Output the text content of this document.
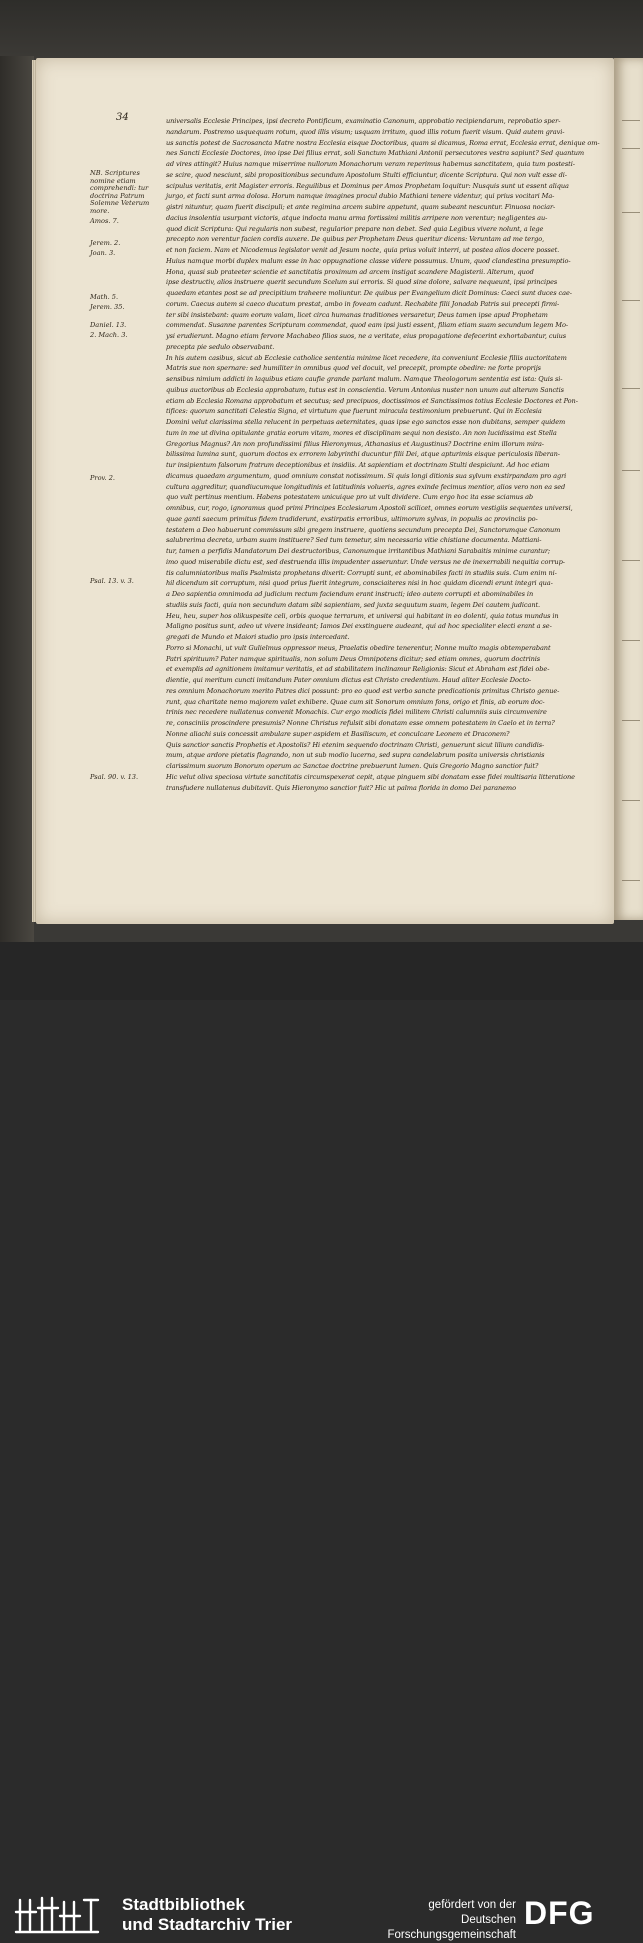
34
NB. Scriptures nomine etiam comprehendi: tur doctrina Patrum Solemne Veterum more.
Amos. 7.
Jerem. 2.
Joan. 3.
Math. 5.
Jerem. 35.
Daniel. 13.
2. Mach. 3.
Prov. 2.
Psal. 13. v. 3.
Psal. 90. v. 13.

universalis Ecclesie Principes, ipsi decreto Pontificum, examinatio Canonum, approbatio recipiendarum, reprobatio sper-

nandarum. Postremo usquequam rotum, quod illis visum; usquam irritum, quod illis rotum fuerit visum. Quid autem gravi-

us sanctis potest de Sacrosancta Matre nostra Ecclesia eisque Doctoribus, quam si dicamus, Roma errat, Ecclesia errat, denique om-

nes Sancti Ecclesie Doctores, imo ipse Dei filius errat, soli Sanctum Mathiani Antonii persecutores vestra sapiunt? Sed quantum

ad vires attingit? Huius namque miserrime nullorum Monachorum veram reperimus habemus sanctitatem, quia tum postesti-

se scire, quod nesciunt, sibi propositionibus secundum Apostolum Stulti efficiuntur, dicente Scriptura. Qui non vult esse di-

scipulus veritatis, erit Magister erroris. Reguilibus et Dominus per Amos Prophetam loquitur: Nusquis sunt ut essent aliqua

jurgo, et facti sunt arma dolosa. Horum namque imagines procul dubio Mathiani tenere videntur, qui prius vocitari Ma-

gistri nituntur, quam fuerit discipuli; et ante regimina arcem subire appetunt, quam subeant nescuntur. Finuosa nociar-

dacius insolentia usurpant victoris, atque indocta manu arma fortissimi militis arripere non verentur; negligentes au-

quod dicit Scriptura: Qui regularis non subest, regularior prepare non debet. Sed quia Legibus vivere nolunt, a lege

precepto non verentur facien cordis auxere. De quibus per Prophetam Deus queritur dicens: Veruntam ad me tergo,

et non faciem. Nam et Nicodemus legislator venit ad Jesum nocte, quia prius voluit interri, ut postea alios docere posset.

Huius namque morbi duplex malum esse in hac oppugnatione classe videre possumus. Unum, quod clandestina presumptio-

Hona, quasi sub prateeter scientie et sanctitatis proximum ad arcem instigat scandere Magisterii. Alterum, quod

ipse destructiv, alios instruere querit secundum Scelum sui erroris. Si quod sine dolore, salvare nequeunt, ipsi principes

quaedam etantes post se ad precipitium traheere moliuntur. De quibus per Evangelium dicit Dominus: Caeci sunt duces cae-

corum. Caecus autem si caeco ducatum prestat, ambo in foveam cadunt. Rechabite filii Jonadab Patris sui precepti firmi-

ter sibi insistebant: quam eorum valam, licet circa humanas traditiones versaretur, Deus tamen ipse apud Prophetam

commendat. Susanne parentes Scripturam commendat, quod eam ipsi justi essent, filiam etiam suam secundum legem Mo-

ysi erudierunt. Magno etiam fervore Machabeo filios suos, ne a veritate, eius propagatione defecerint exhortabantur, cuius

precepta pie sedulo observabant.

In his autem casibus, sicut ab Ecclesie catholice sententia minime licet recedere, ita conveniunt Ecclesie filiis auctoritatem

Matris sue non spernare: sed humiliter in omnibus quod vel docuit, vel precepit, prompte obedire: ne forte proprijs

sensibus nimium addicti in laquibus etiam caufie grande parlant malum. Namque Theologorum sententia est ista: Quis si-

quibus auctoribus ab Ecclesia approbatum, tutus est in conscientia. Verum Antonius nuster non unum aut alterum Sanctis

etiam ab Ecclesia Romana approbatum et secutus; sed precipuos, doctissimos et Sanctissimos totius Ecclesie Doctores et Pon-

tifices: quorum sanctitati Celestia Signa, et virtutum que fuerunt miracula testimonium prebuerunt. Qui in Ecclesia

Domini velut clarissima stella relucent in perpetuas aeternitates, quas ipse ego sanctos esse non dubitans, semper quidem

tum in me ut divina opitulante gratia eorum vitam, mores et disciplinam sequi non desisto. An non lucidissima est Stella

Gregorius Magnus? An non profundissimi filius Hieronymus, Athanasius et Augustinus? Doctrine enim illorum mira-

bilissima lumina sunt, quorum doctos ex errorem labyrinthi ducuntur filii Dei, atque apturimis eisque periculosis liberan-

tur insipientum falsorum fratrum deceptionibus et insidiis. At sapientiam et doctrinam Stulti despiciunt. Ad hoc etiam

dicamus quaedam argumentum, quod omnium constat notissimum. Si quis longi ditionis sua sylvum exstirpandam pro agri

cultura aggreditur, quandiucumque longitudinis et latitudinis volueris, agres exinde fecimus mentior, alios vero non ea sed

quo vult pertinus mentium. Habens potestatem unicuique pro ut vult dividere. Cum ergo hoc ita esse sciamus ab

omnibus, cur, rogo, ignoramus quod primi Principes Ecclesiarum Apostoli scilicet, omnes eorum vestigiis sequentes universi,

quae ganti saecum primitus fidem tradiderunt, exstirpatis erroribus, ultimorum sylvas, in populis ac provinciis po-

testatem a Deo habuerunt commissum sibi gregem instruere, quotiens secundum precepta Dei, Sanctorumque Canonum

salubrerima decreta, urbam suam instituere? Sed tum temetur, sim necessaria vitie chistiane documenta. Mattiani-

tur, tamen a perfidis Mandatorum Dei destructoribus, Canonumque irritantibus Mathiani Sarabaitis minime curantur;

imo quod miserabile dictu est, sed destruenda illis impudenter asseruntur. Unde versus ne de inexerrabili nequitia corrup-

tis calumniatoribus malis Psalmista prophetans dixerit: Corrupti sunt, et abominabiles facti in studiis suis. Cum enim ni-

hil dicendum sit corruptum, nisi quod prius fuerit integrum, consciaiteres nisi in hoc quidam dicendi erunt integri qua-

a Deo sapientia omnimoda ad judicium rectum faciendum erant instructi; ideo autem corrupti et abominabiles in

studiis suis facti, quia non secundum datam sibi sapientiam, sed juxta sequutum suam, legem Dei cautem judicant.

Heu, heu, super hos olikuspesite celi, orbis quoque terrarum, et universi qui habitant in eo dolenti, quia totus mundus in

Maligno positus sunt, adeo ut vivere insideant; Iamos Dei exstinguere audeant, qui ad hoc specialiter electi erant a se-

gregati de Mundo et Maiori studio pro ipsis intercedant.

Porro si Monachi, ut vult Gulielmus oppressor meus, Praelatis obedire tenerentur, Nonne multo magis obtemperabant

Patri spirituum? Pater namque spiritualis, non solum Deus Omnipotens dicitur; sed etiam omnes, quorum doctrinis

et exemplis ad agnitionem imitamur veritatis, et ad stabilitatem inclinamur Religionis: Sicut et Abraham est fidei obe-

dientie, qui meritum cuncti imitandum Pater omnium dictus est Christo credentium. Haud aliter Ecclesie Docto-

res omnium Monachorum merito Patres dici possunt: pro eo quod est verbo sancte predicationis primitus Christo genue-

runt, qua charitate nemo majorem valet exhibere. Quae cum sit Sonorum omnium fons, origo et finis, ab eorum doc-

trinis nec recedere nullatenus convenit Monachis. Cur ergo modicis fidei militem Christi calumniis suis circumvenire

re, consciniis proscindere presumis? Nonne Christus refulsit sibi donatam esse omnem potestatem in Caelo et in terra?

Nonne aliachi suis concessit ambulare super aspidem et Basiliscum, et conculcare Leonem et Draconem?

Quis sanctior sanctis Prophetis et Apostolis? Hi etenim sequendo doctrinam Christi, genuerunt sicut lilium candidis-

mum, atque ardore pietatis flagrando, non ut sub modio lucerna, sed supra candelabrum posita universis christianis

clarissimum suorum Bonorum operum ac Sanctae doctrine prebuerunt lumen. Quis Gregorio Magno sanctior fuit?

Hic velut oliva speciosa virtute sanctitatis circumspexerat cepit, atque pinguem sibi donatam esse fidei multisaria litteratione

transfudere nullatenus dubitavit. Quis Hieronymo sanctior fuit? Hic ut palma florida in domo Dei paranemo

Stadtbibliothek
und Stadtarchiv Trier
gefördert von der
Deutschen Forschungsgemeinschaft
DFG
